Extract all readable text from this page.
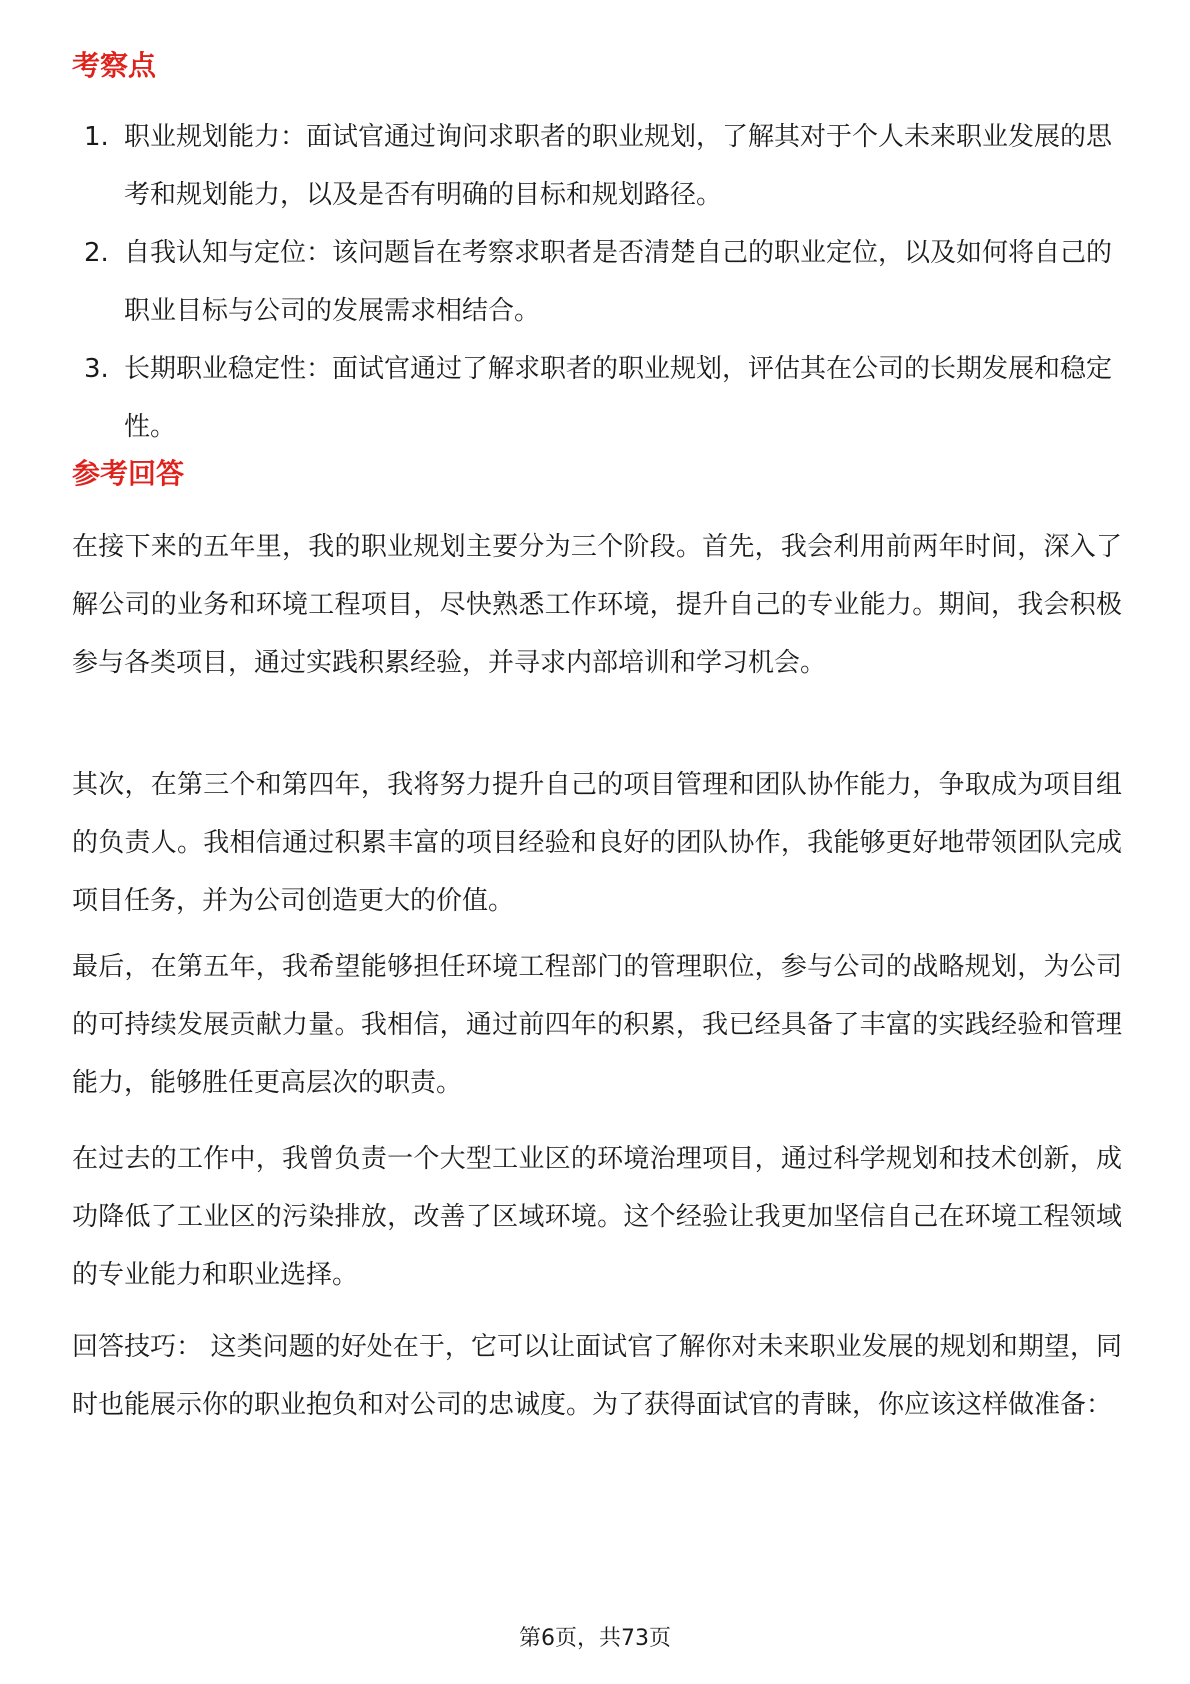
考察点
1. 职业规划能力：面试官通过询问求职者的职业规划，了解其对于个人未来职业发展的思考和规划能力，以及是否有明确的目标和规划路径。
2. 自我认知与定位：该问题旨在考察求职者是否清楚自己的职业定位，以及如何将自己的职业目标与公司的发展需求相结合。
3. 长期职业稳定性：面试官通过了解求职者的职业规划，评估其在公司的长期发展和稳定性。
参考回答

在接下来的五年里，我的职业规划主要分为三个阶段。首先，我会利用前两年时间，深入了解公司的业务和环境工程项目，尽快熟悉工作环境，提升自己的专业能力。期间，我会积极参与各类项目，通过实践积累经验，并寻求内部培训和学习机会。

其次，在第三个和第四年，我将努力提升自己的项目管理和团队协作能力，争取成为项目组的负责人。我相信通过积累丰富的项目经验和良好的团队协作，我能够更好地带领团队完成项目任务，并为公司创造更大的价值。

最后，在第五年，我希望能够担任环境工程部门的管理职位，参与公司的战略规划，为公司的可持续发展贡献力量。我相信，通过前四年的积累，我已经具备了丰富的实践经验和管理能力，能够胜任更高层次的职责。

在过去的工作中，我曾负责一个大型工业区的环境治理项目，通过科学规划和技术创新，成功降低了工业区的污染排放，改善了区域环境。这个经验让我更加坚信自己在环境工程领域的专业能力和职业选择。

回答技巧： 这类问题的好处在于，它可以让面试官了解你对未来职业发展的规划和期望，同时也能展示你的职业抱负和对公司的忠诚度。为了获得面试官的青睐，你应该这样做准备：

第6页，共73页
